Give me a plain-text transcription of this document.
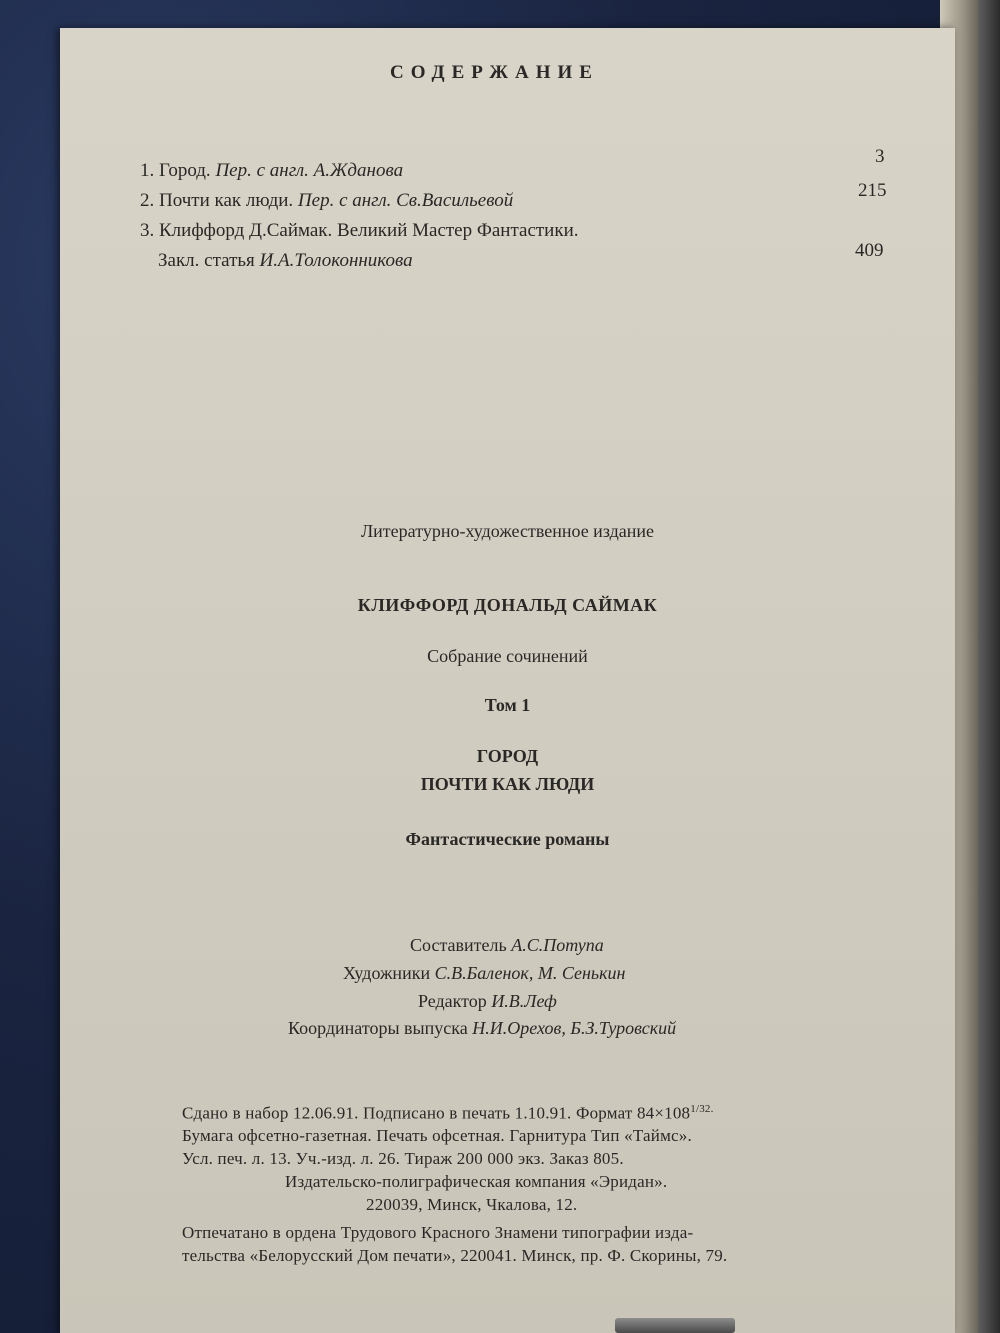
СОДЕРЖАНИЕ
1. Город. Пер. с англ. А.Жданова
3
2. Почти как люди. Пер. с англ. Св.Васильевой	215
3. Клиффорд Д.Саймак. Великий Мастер Фантастики.
Закл. статья И.А.Толоконникова	409
Литературно-художественное издание
КЛИФФОРД ДОНАЛЬД САЙМАК
Собрание сочинений
Том 1
ГОРОД
ПОЧТИ КАК ЛЮДИ
Фантастические романы
Составитель А.С.Потупа
Художники С.В.Баленок, М. Сенькин
Редактор И.В.Леф
Координаторы выпуска Н.И.Орехов, Б.З.Туровский
Сдано в набор 12.06.91. Подписано в печать 1.10.91. Формат $84\times 108^{1/32.}$
Бумага офсетно-газетная. Печать офсетная. Гарнитура Тип «Таймс».
Усл. печ. л. 13. Уч.-изд. л. 26. Тираж 200 000 экз. Заказ 805.
Издательско-полиграфическая компания «Эридан».
220039, Минск, Чкалова, 12.
Отпечатано в ордена Трудового Красного Знамени типографии изда-
тельства «Белорусский Дом печати», 220041. Минск, пр. Ф. Скорины, 79.
